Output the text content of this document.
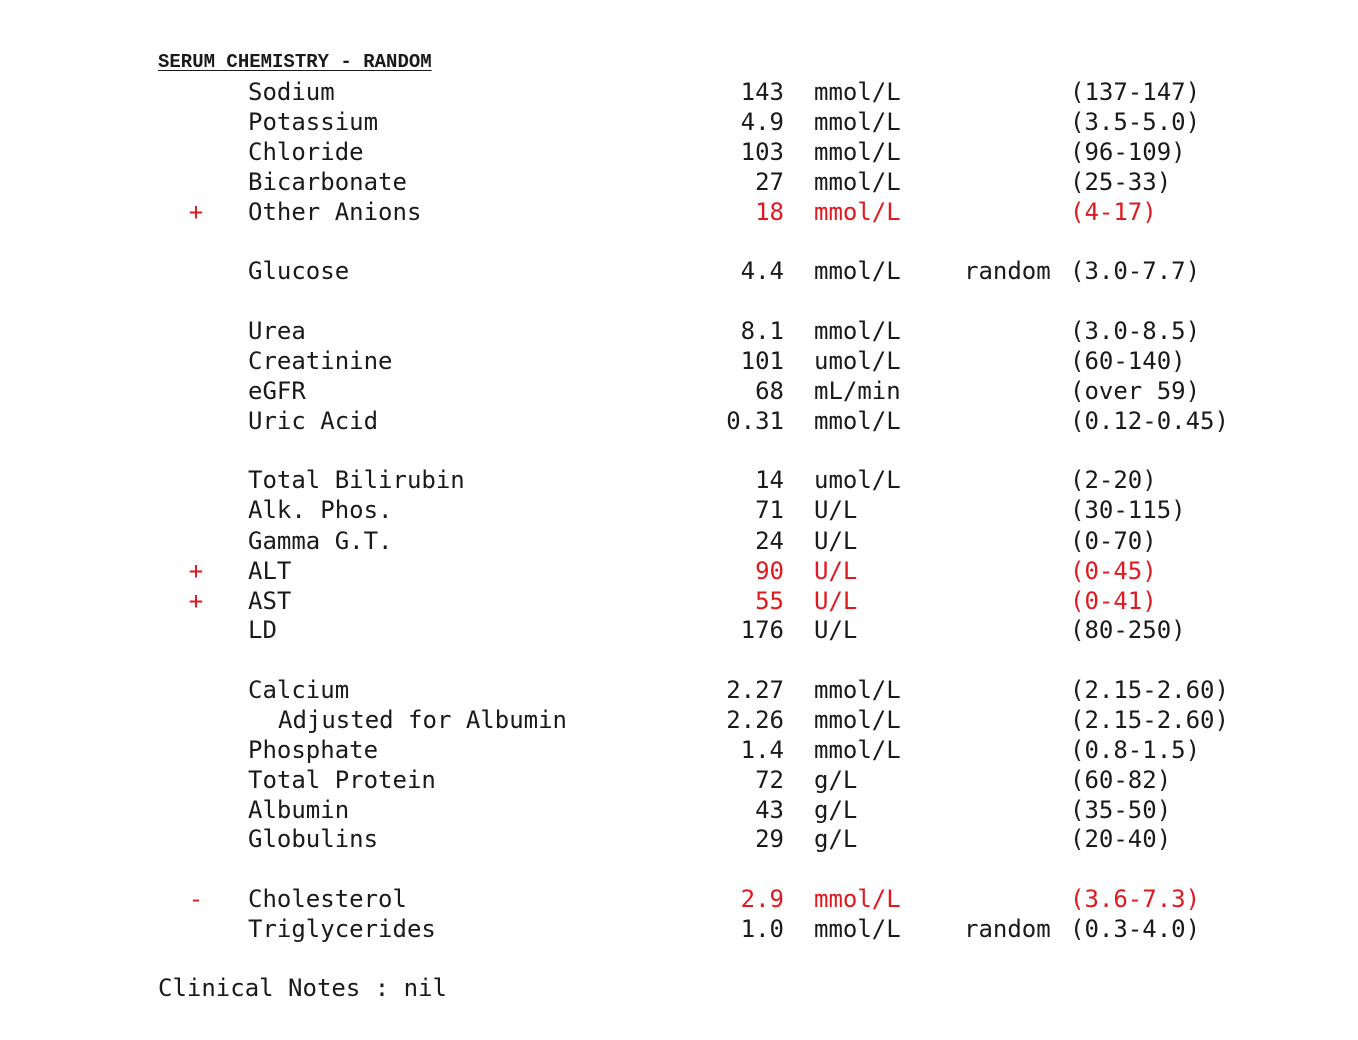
SERUM CHEMISTRY - RANDOM
Sodium	143 mmol/L	(137-147)
Potassium	4.9 mmol/L	(3.5-5.0)
Chloride	103 mmol/L	(96-109)
Bicarbonate	27 mmol/L	(25-33)
+ Other Anions	18 mmol/L	(4-17)
Glucose	4.4 mmol/L	random (3.0-7.7)
Urea	8.1 mmol/L	(3.0-8.5)
Creatinine	101 umol/L	(60-140)
eGFR	68 mL/min	(over 59)
Uric Acid	0.31 mmol/L	(0.12-0.45)
Total Bilirubin	14 umol/L	(2-20)
Alk. Phos.	71 U/L	(30-115)
Gamma G.T.	24 U/L	(0-70)
+ ALT	90 U/L	(0-45)
+ AST	55 U/L	(0-41)
LD	176 U/L	(80-250)
Calcium	2.27 mmol/L	(2.15-2.60)
Adjusted for Albumin	2.26 mmol/L	(2.15-2.60)
Phosphate	1.4 mmol/L	(0.8-1.5)
Total Protein	72 g/L	(60-82)
Albumin	43 g/L	(35-50)
Globulins	29 g/L	(20-40)
- Cholesterol	2.9 mmol/L	(3.6-7.3)
Triglycerides	1.0 mmol/L	random (0.3-4.0)
Clinical Notes : nil
